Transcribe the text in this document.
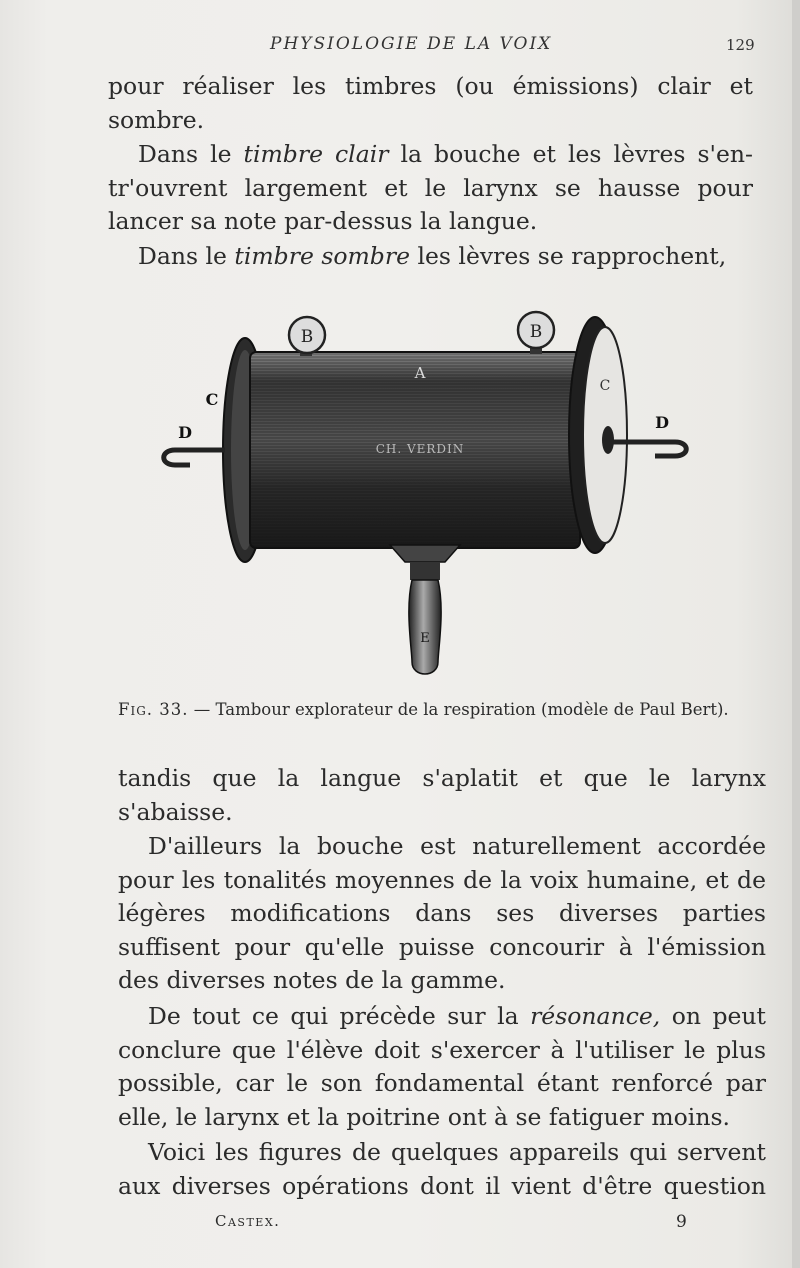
PHYSIOLOGIE DE LA VOIX	129

pour réaliser les timbres (ou émissions) clair et sombre.

Dans le timbre clair la bouche et les lèvres s'en-tr'ouvrent largement et le larynx se hausse pour lancer sa note par-dessus la langue.

Dans le timbre sombre les lèvres se rapprochent,

B	B
E
A
CH. VERDIN
C
C
D
D
Fig. 33. — Tambour explorateur de la respiration (modèle de Paul Bert).

tandis que la langue s'aplatit et que le larynx s'abaisse.

D'ailleurs la bouche est naturellement accordée pour les tonalités moyennes de la voix humaine, et de légères modifications dans ses diverses parties suffisent pour qu'elle puisse concourir à l'émission des diverses notes de la gamme.

De tout ce qui précède sur la résonance, on peut conclure que l'élève doit s'exercer à l'utiliser le plus possible, car le son fondamental étant renforcé par elle, le larynx et la poitrine ont à se fatiguer moins.

Voici les figures de quelques appareils qui servent aux diverses opérations dont il vient d'être question

Castex.	9
